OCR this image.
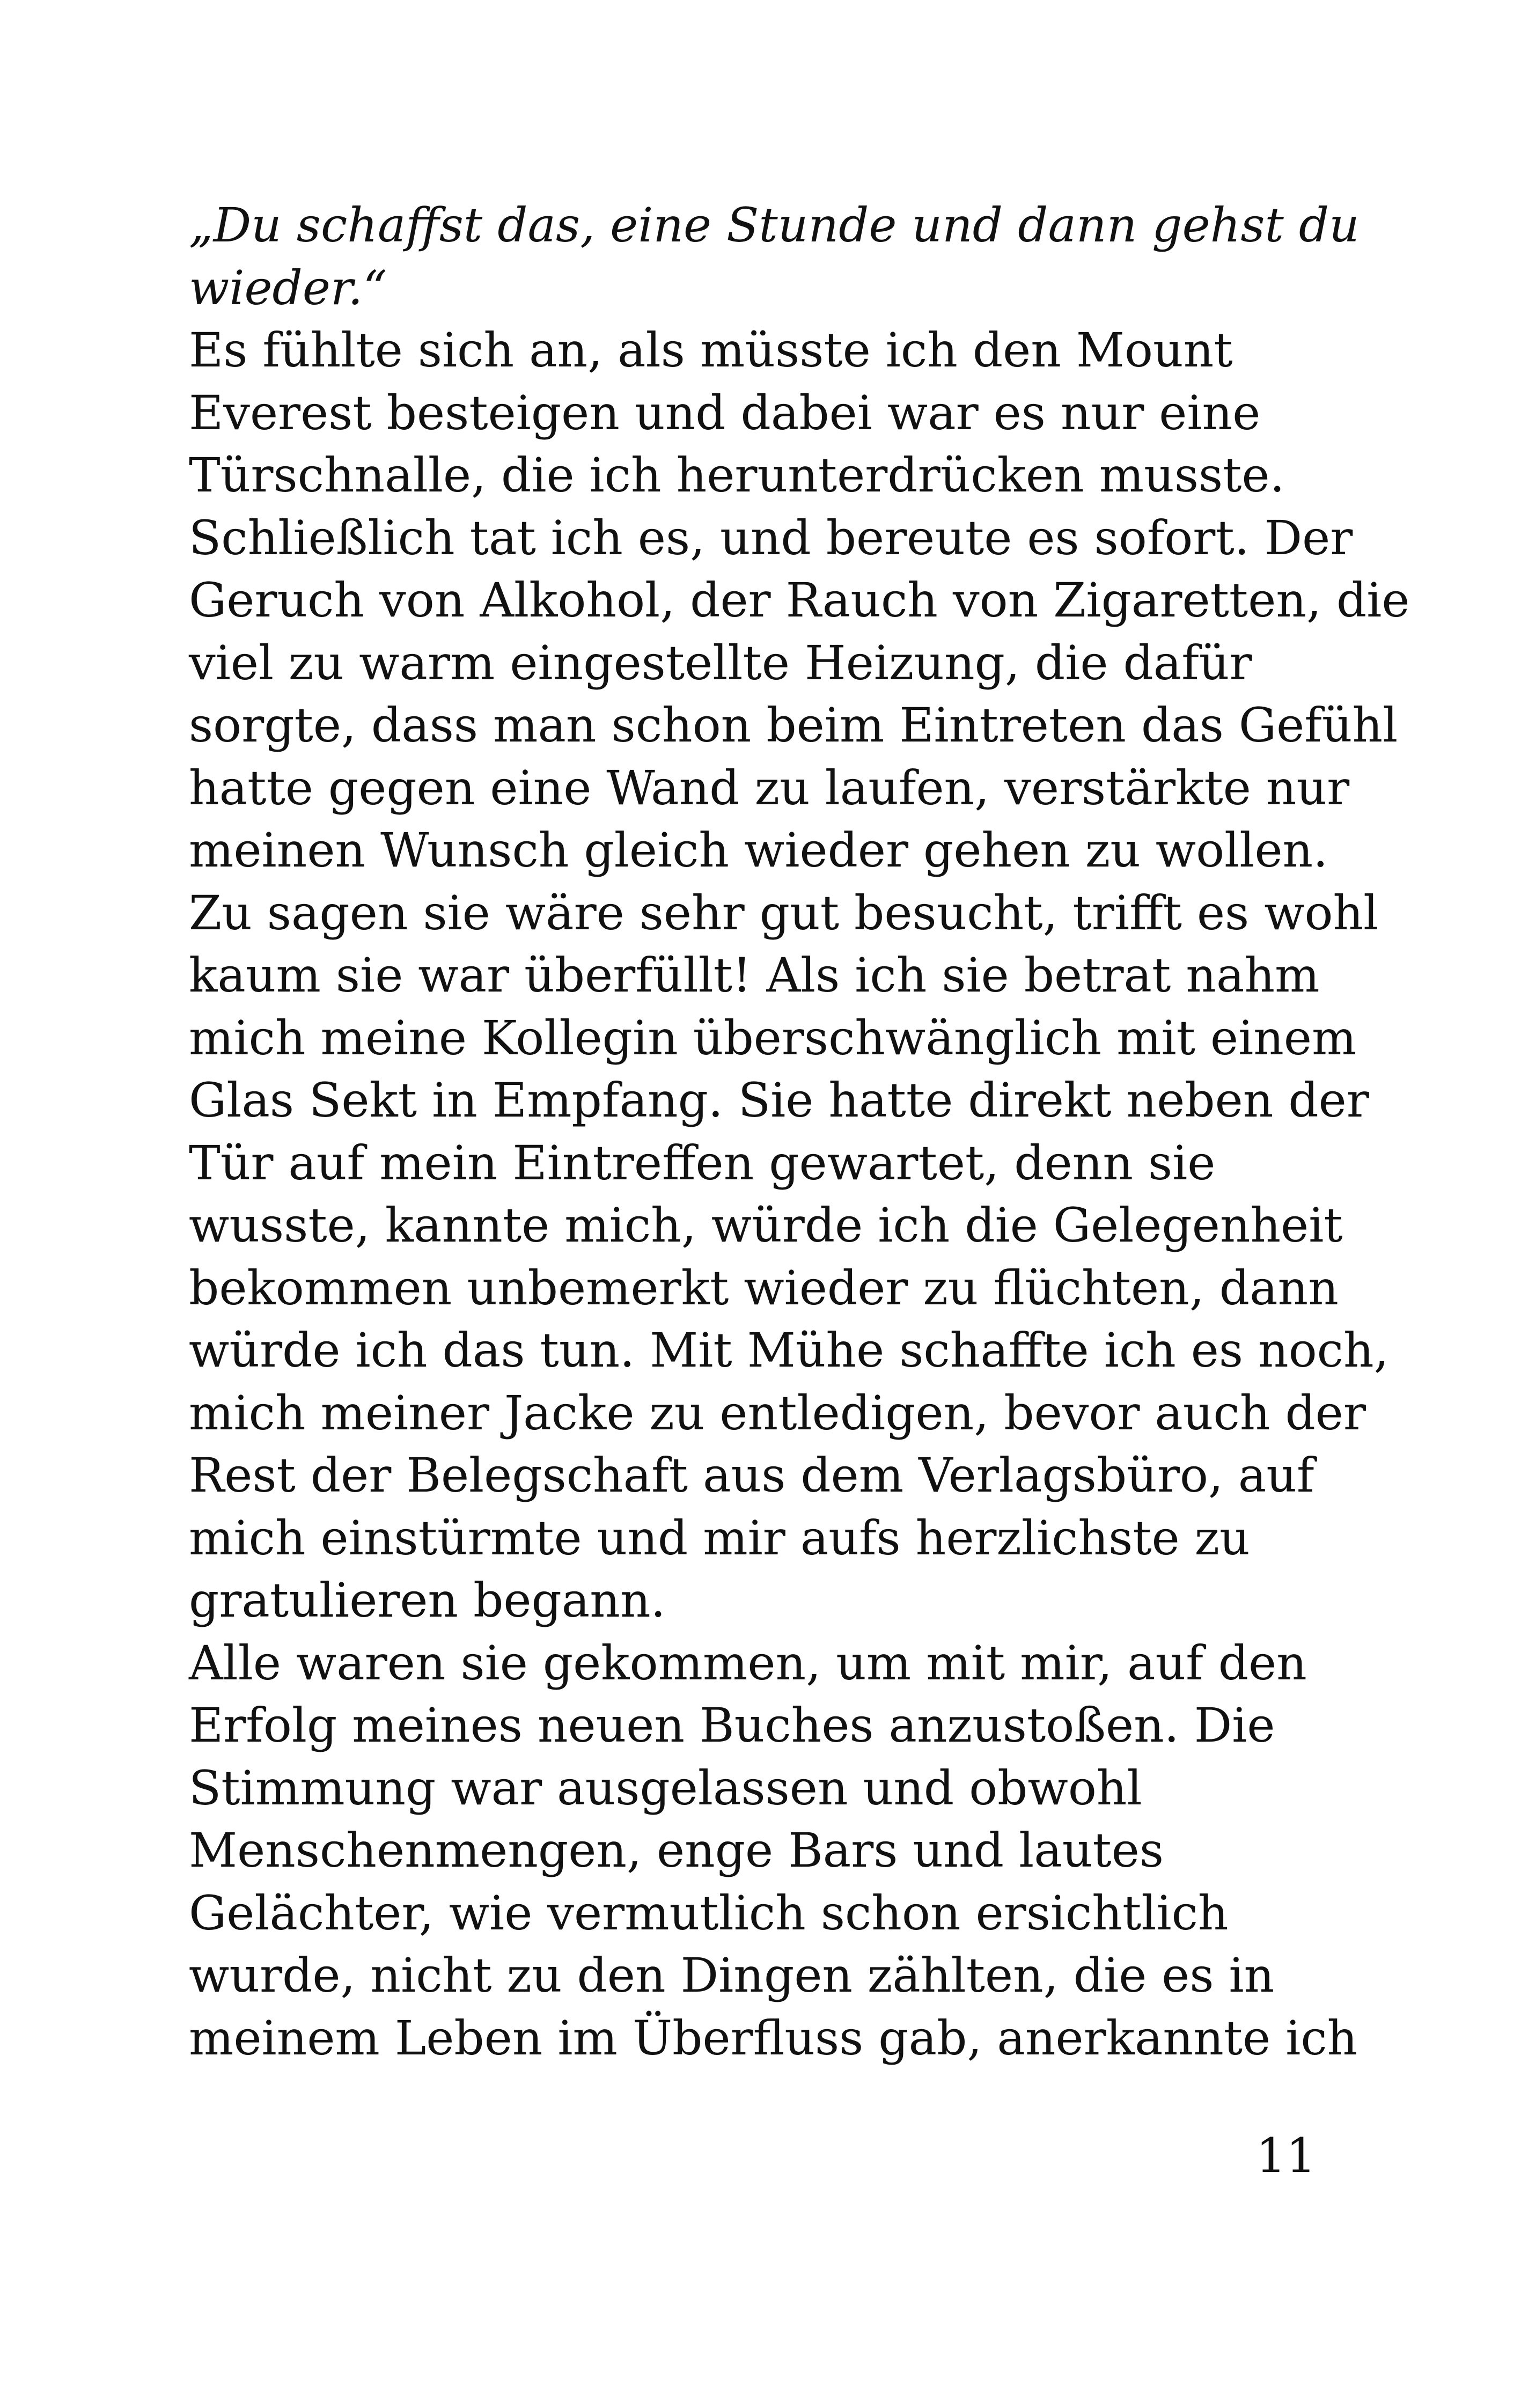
„Du schaffst das, eine Stunde und dann gehst du
wieder.“
Es fühlte sich an, als müsste ich den Mount
Everest besteigen und dabei war es nur eine
Türschnalle, die ich herunterdrücken musste.
Schließlich tat ich es, und bereute es sofort. Der
Geruch von Alkohol, der Rauch von Zigaretten, die
viel zu warm eingestellte Heizung, die dafür
sorgte, dass man schon beim Eintreten das Gefühl
hatte gegen eine Wand zu laufen, verstärkte nur
meinen Wunsch gleich wieder gehen zu wollen.
Zu sagen sie wäre sehr gut besucht, trifft es wohl
kaum sie war überfüllt! Als ich sie betrat nahm
mich meine Kollegin überschwänglich mit einem
Glas Sekt in Empfang. Sie hatte direkt neben der
Tür auf mein Eintreffen gewartet, denn sie
wusste, kannte mich, würde ich die Gelegenheit
bekommen unbemerkt wieder zu flüchten, dann
würde ich das tun. Mit Mühe schaffte ich es noch,
mich meiner Jacke zu entledigen, bevor auch der
Rest der Belegschaft aus dem Verlagsbüro, auf
mich einstürmte und mir aufs herzlichste zu
gratulieren begann.
Alle waren sie gekommen, um mit mir, auf den
Erfolg meines neuen Buches anzustoßen. Die
Stimmung war ausgelassen und obwohl
Menschenmengen, enge Bars und lautes
Gelächter, wie vermutlich schon ersichtlich
wurde, nicht zu den Dingen zählten, die es in
meinem Leben im Überfluss gab, anerkannte ich
11
